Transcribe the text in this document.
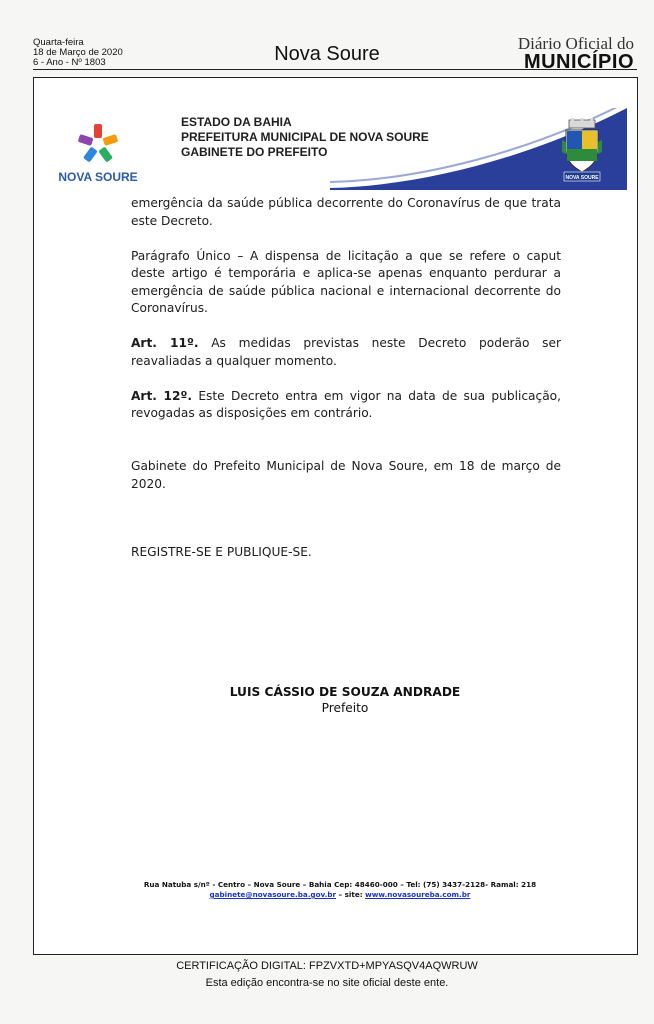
Quarta-feira
18 de Março de 2020
6 - Ano - Nº 1803	Nova Soure	Diário Oficial do
MUNICÍPIO
NOVA SOURE	NOVA SOURE
ESTADO DA BAHIA
PREFEITURA MUNICIPAL DE NOVA SOURE
GABINETE DO PREFEITO

emergência da saúde pública decorrente do Coronavírus de que trata este Decreto.

Parágrafo Único – A dispensa de licitação a que se refere o caput deste artigo é temporária e aplica-se apenas enquanto perdurar a emergência de saúde pública nacional e internacional decorrente do Coronavírus.

Art. 11º. As medidas previstas neste Decreto poderão ser reavaliadas a qualquer momento.

Art. 12º. Este Decreto entra em vigor na data de sua publicação, revogadas as disposições em contrário.

Gabinete do Prefeito Municipal de Nova Soure, em 18 de março de 2020.

REGISTRE-SE E PUBLIQUE-SE.

LUIS CÁSSIO DE SOUZA ANDRADE
Prefeito
Rua Natuba s/nº - Centro – Nova Soure – Bahia Cep: 48460-000 – Tel: (75) 3437-2128- Ramal: 218
gabinete@novasoure.ba.gov.br – site: www.novasoureba.com.br
CERTIFICAÇÃO DIGITAL: FPZVXTD+MPYASQV4AQWRUW
Esta edição encontra-se no site oficial deste ente.
